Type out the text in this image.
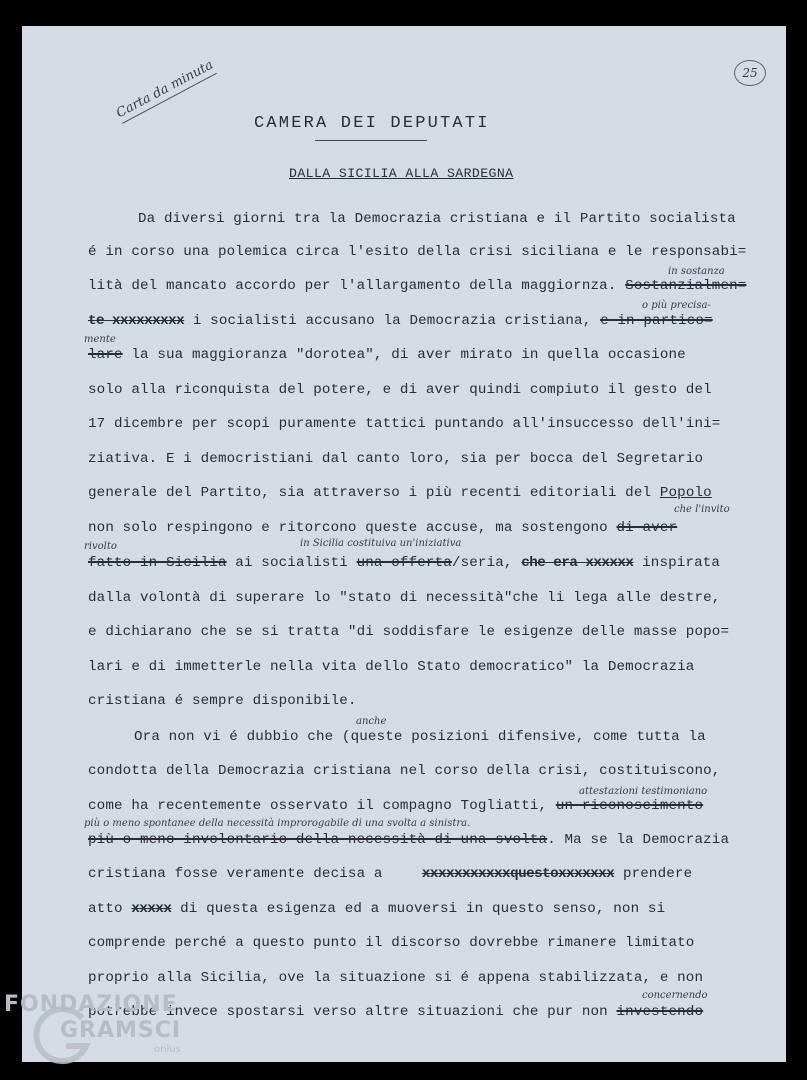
25
Carta da minuta
CAMERA DEI DEPUTATI
DALLA SICILIA ALLA SARDEGNA
Da diversi giorni tra la Democrazia cristiana e il Partito socialista
é in corso una polemica circa l'esito della crisi siciliana e le responsabi=
lità del mancato accordo per l'allargamento della maggiornza. Sostanzialmen=
in sostanza
te xxxxxxxxx i socialisti accusano la Democrazia cristiana, e in partico=
o più precisa-
mente
lare la sua maggioranza "dorotea", di aver mirato in quella occasione
solo alla riconquista del potere, e di aver quindi compiuto il gesto del
17 dicembre per scopi puramente tattici puntando all'insuccesso dell'ini=
ziativa. E i democristiani dal canto loro, sia per bocca del Segretario
generale del Partito, sia attraverso i più recenti editoriali del Popolo
che l'invito
non solo respingono e ritorcono queste accuse, ma sostengono di aver
rivolto	in Sicilia costituiva un'iniziativa
fatto in Sicilia ai socialisti una offerta/seria, che era xxxxxx inspirata
dalla volontà di superare lo "stato di necessità"che li lega alle destre,
e dichiarano che se si tratta "di soddisfare le esigenze delle masse popo=
lari e di immetterle nella vita dello Stato democratico" la Democrazia
cristiana é sempre disponibile.
anche
Ora non vi é dubbio che (queste posizioni difensive, come tutta la
condotta della Democrazia cristiana nel corso della crisi, costituiscono,
attestazioni testimoniano
come ha recentemente osservato il compagno Togliatti, un riconoscimento
più o meno spontanee della necessità improrogabile di una svolta a sinistra.
più o meno involontario della necessità di una svolta. Ma se la Democrazia
cristiana fosse veramente decisa a	xxxxxxxxxxxquestoxxxxxxx prendere
atto xxxxx di questa esigenza ed a muoversi in questo senso, non si
comprende perché a questo punto il discorso dovrebbe rimanere limitato
proprio alla Sicilia, ove la situazione si é appena stabilizzata, e non
concernendo
potrebbe invece spostarsi verso altre situazioni che pur non investendo
FONDAZIONE
GRAMSCI
onlus
